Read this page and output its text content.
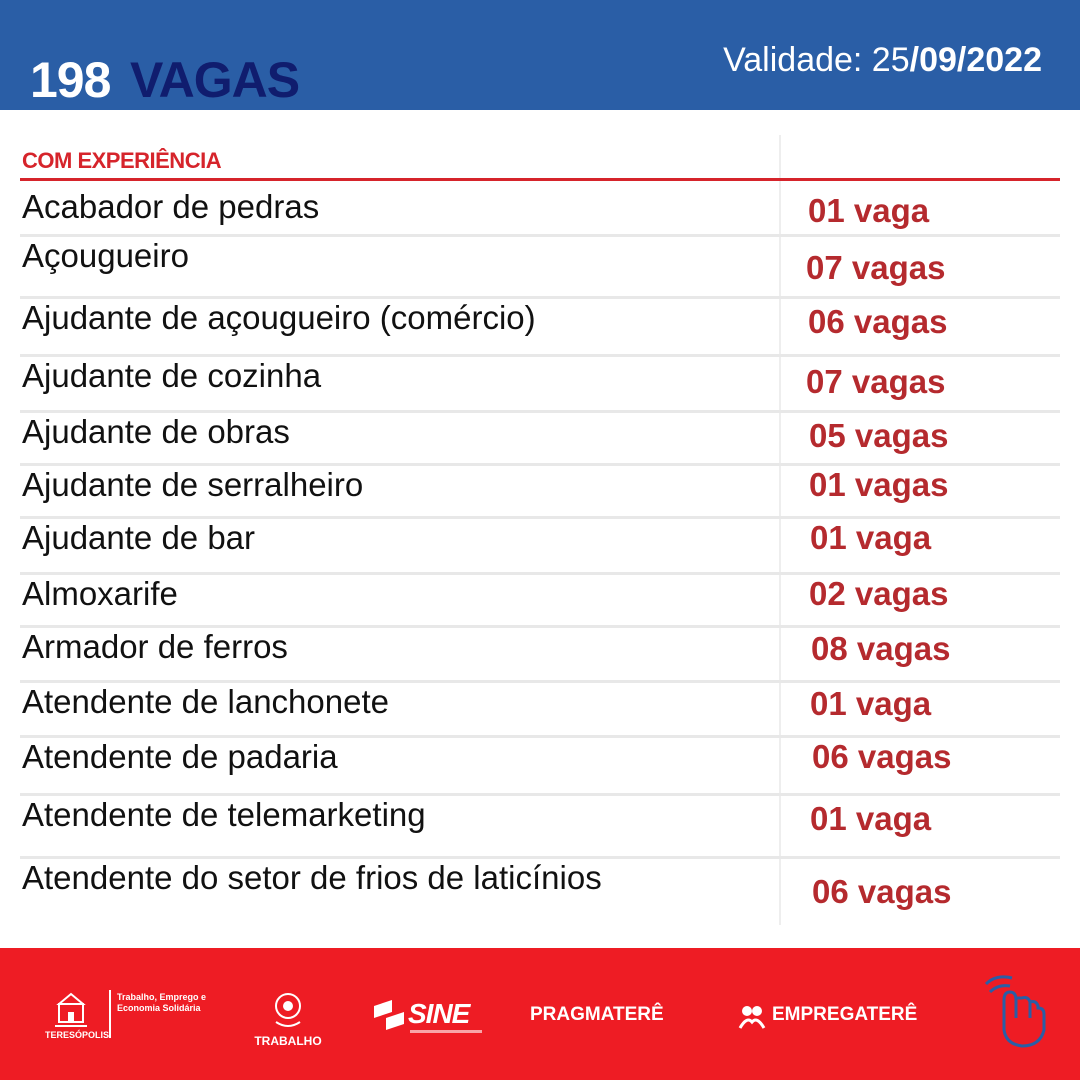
198 VAGAS	Validade: 25/09/2022
COM EXPERIÊNCIA
Acabador de pedras	01 vaga
Açougueiro	07 vagas
Ajudante de açougueiro (comércio)	06 vagas
Ajudante de cozinha	07 vagas
Ajudante de obras	05 vagas
Ajudante de serralheiro	01 vagas
Ajudante de bar	01 vaga
Almoxarife	02 vagas
Armador de ferros	08 vagas
Atendente de lanchonete	01 vaga
Atendente de padaria	06 vagas
Atendente de telemarketing	01 vaga
Atendente do setor de frios de laticínios	06 vagas
TERESÓPOLIS
Trabalho, Emprego e Economia Solidária
TRABALHO
SINE	PRAGMATERÊ	EMPREGATERÊ
